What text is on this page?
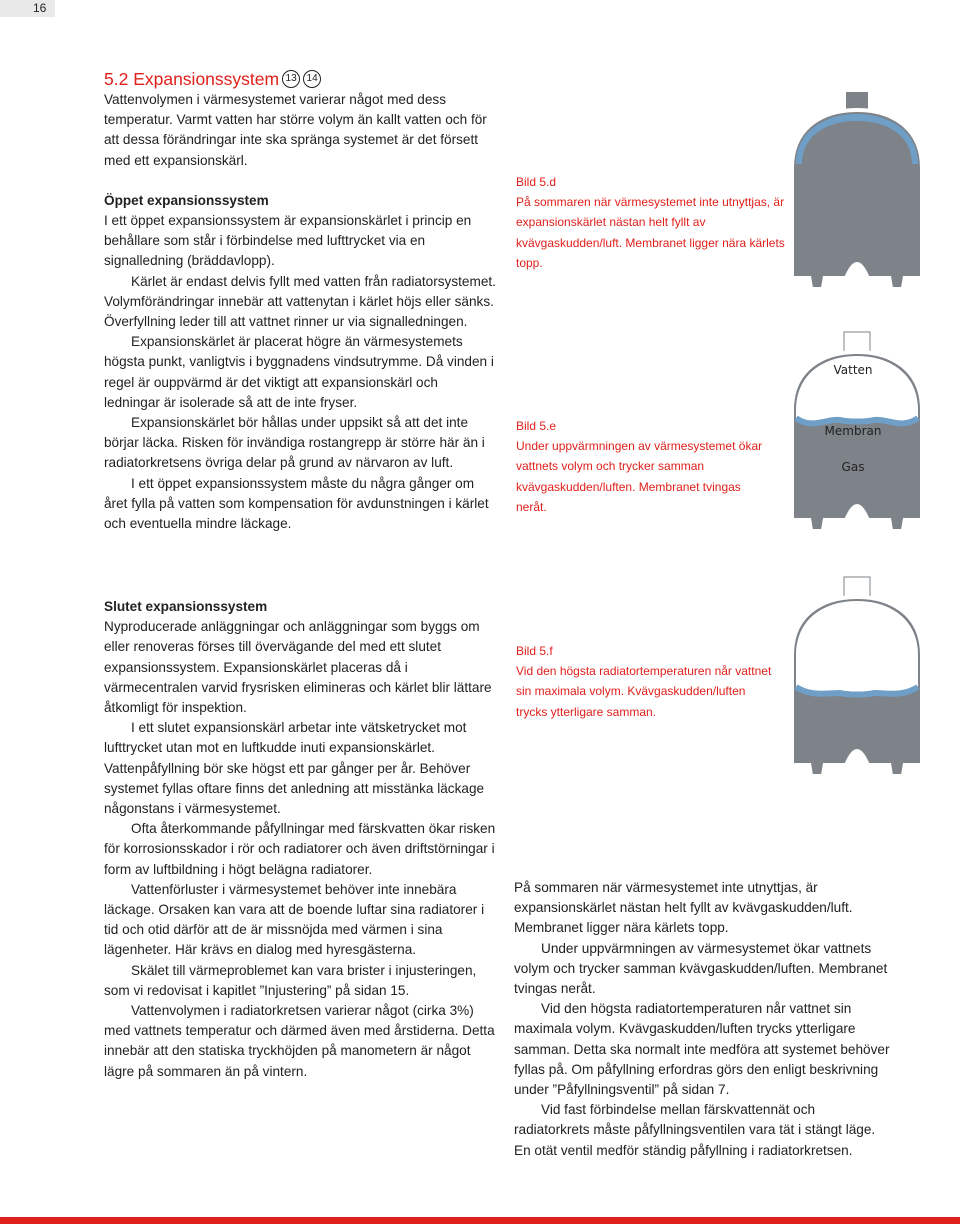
16
5.2 Expansionssystem 13 14

Vattenvolymen i värmesystemet varierar något med dess temperatur. Varmt vatten har större volym än kallt vatten och för att dessa förändringar inte ska spränga systemet är det försett med ett expansionskärl.

Öppet expansionssystem

I ett öppet expansionssystem är expansionskärlet i princip en behållare som står i förbindelse med lufttrycket via en signalledning (bräddavlopp).

Kärlet är endast delvis fyllt med vatten från radiatorsystemet. Volymförändringar innebär att vattenytan i kärlet höjs eller sänks. Överfyllning leder till att vattnet rinner ur via signalledningen.

Expansionskärlet är placerat högre än värmesystemets högsta punkt, vanligtvis i byggnadens vindsutrymme. Då vinden i regel är ouppvärmd är det viktigt att expansionskärl och ledningar är isolerade så att de inte fryser.

Expansionskärlet bör hållas under uppsikt så att det inte börjar läcka. Risken för invändiga rostangrepp är större här än i radiatorkretsens övriga delar på grund av närvaron av luft.

I ett öppet expansionssystem måste du några gånger om året fylla på vatten som kompensation för avdunstningen i kärlet och eventuella mindre läckage.

Slutet expansionssystem

Nyproducerade anläggningar och anläggningar som byggs om eller renoveras förses till övervägande del med ett slutet expansionssystem. Expansionskärlet placeras då i värmecentralen varvid frysrisken elimineras och kärlet blir lättare åtkomligt för inspektion.

I ett slutet expansionskärl arbetar inte vätsketrycket mot lufttrycket utan mot en luftkudde inuti expansionskärlet. Vattenpåfyllning bör ske högst ett par gånger per år. Behöver systemet fyllas oftare finns det anledning att misstänka läckage någonstans i värmesystemet.

Ofta återkommande påfyllningar med färskvatten ökar risken för korrosionsskador i rör och radiatorer och även driftstörningar i form av luftbildning i högt belägna radiatorer.

Vattenförluster i värmesystemet behöver inte innebära läckage. Orsaken kan vara att de boende luftar sina radiatorer i tid och otid därför att de är missnöjda med värmen i sina lägenheter. Här krävs en dialog med hyresgästerna.

Skälet till värmeproblemet kan vara brister i injusteringen, som vi redovisat i kapitlet ”Injustering” på sidan 15.

Vattenvolymen i radiatorkretsen varierar något (cirka 3%) med vattnets temperatur och därmed även med årstiderna. Detta innebär att den statiska tryckhöjden på manometern är något lägre på sommaren än på vintern.

Bild 5.d

På sommaren när värmesystemet inte utnyttjas, är expansionskärlet nästan helt fyllt av kvävgaskudden/luft. Membranet ligger nära kärlets topp.

Bild 5.e

Under uppvärmningen av värmesystemet ökar vattnets volym och trycker samman kvävgaskudden/luften. Membranet tvingas neråt.

Bild 5.f

Vid den högsta radiatortemperaturen når vattnet sin maximala volym. Kvävgaskudden/luften trycks ytterligare samman.

Vatten
Membran
Gas

På sommaren när värmesystemet inte utnyttjas, är expansionskärlet nästan helt fyllt av kvävgaskudden/luft. Membranet ligger nära kärlets topp.

Under uppvärmningen av värmesystemet ökar vattnets volym och trycker samman kvävgaskudden/luften. Membranet tvingas neråt.

Vid den högsta radiatortemperaturen når vattnet sin maximala volym. Kvävgaskudden/luften trycks ytterligare samman. Detta ska normalt inte medföra att systemet behöver fyllas på. Om påfyllning erfordras görs den enligt beskrivning under ”Påfyllningsventil” på sidan 7.

Vid fast förbindelse mellan färskvattennät och radiatorkrets måste påfyllningsventilen vara tät i stängt läge. En otät ventil medför ständig påfyllning i radiatorkretsen.
